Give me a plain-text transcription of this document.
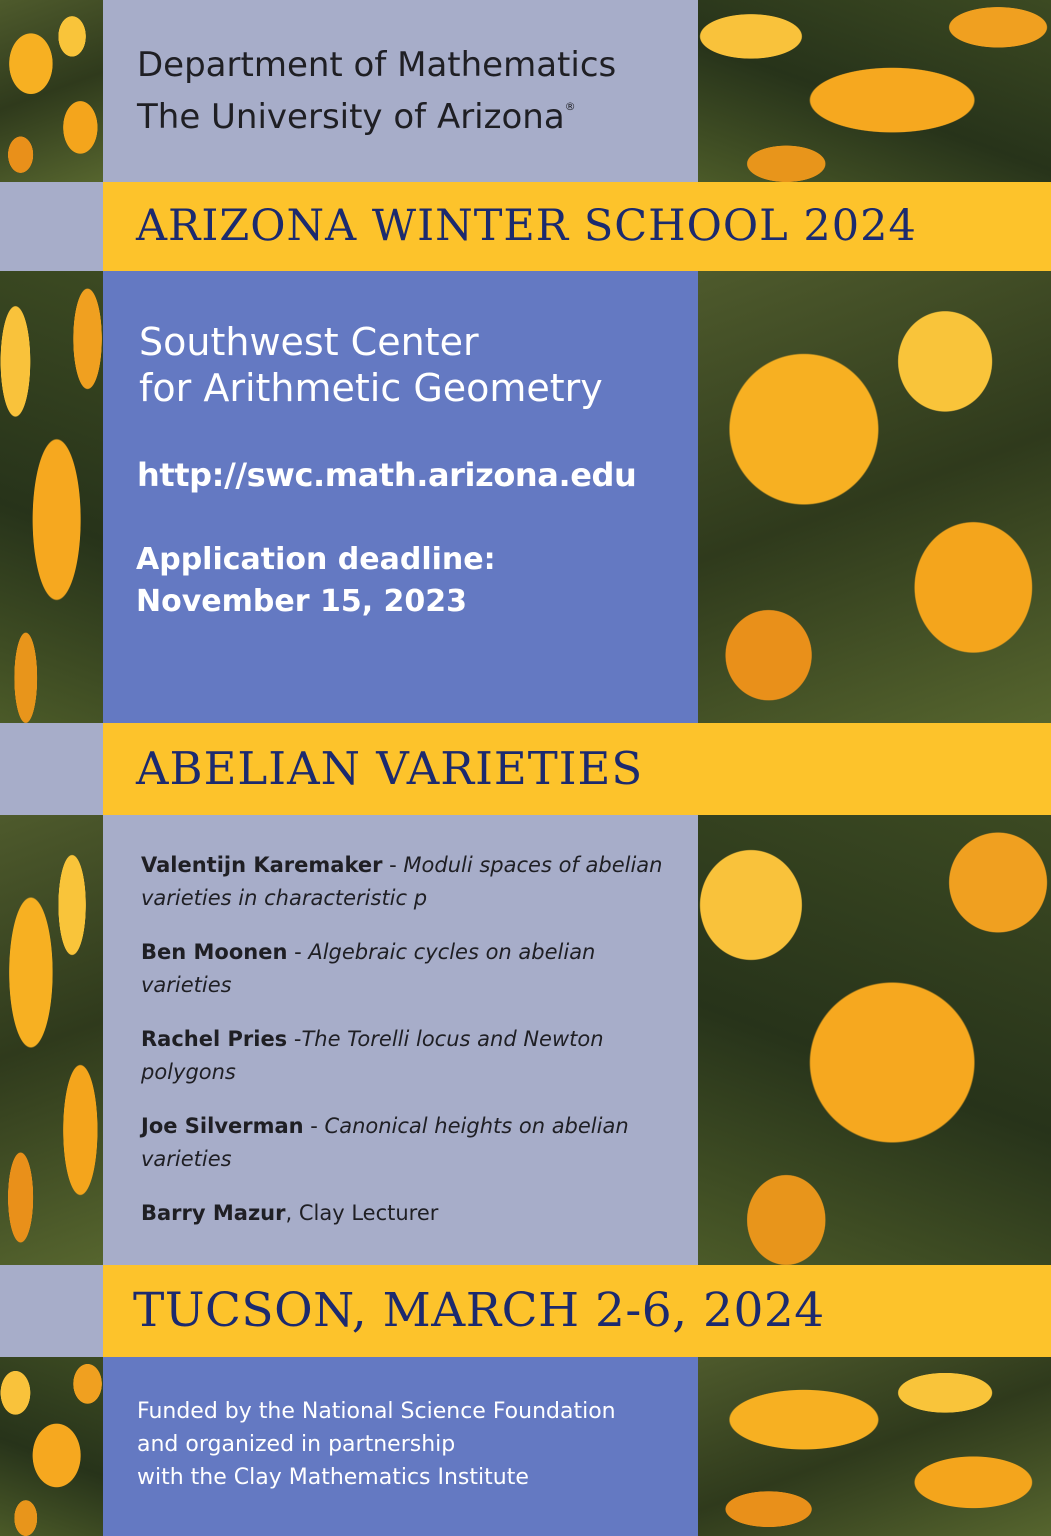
Department of Mathematics
The University of Arizona®
ARIZONA WINTER SCHOOL 2024
Southwest Center
for Arithmetic Geometry
http://swc.math.arizona.edu
Application deadline:
November 15, 2023
ABELIAN VARIETIES
Valentijn Karemaker - Moduli spaces of abelian varieties in characteristic p
Ben Moonen - Algebraic cycles on abelian varieties
Rachel Pries -The Torelli locus and Newton polygons
Joe Silverman - Canonical heights on abelian varieties
Barry Mazur, Clay Lecturer
TUCSON, MARCH 2-6, 2024
Funded by the National Science Foundation
and organized in partnership
with the Clay Mathematics Institute
